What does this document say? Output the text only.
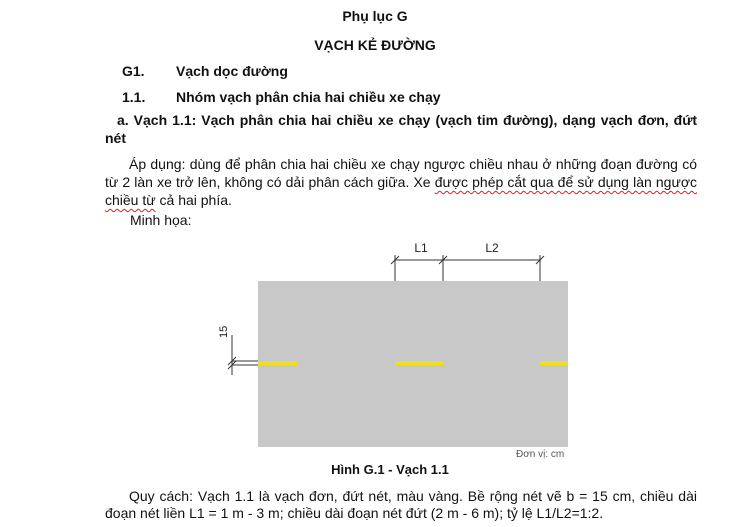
Phụ lục G
VẠCH KẺ ĐƯỜNG
G1. Vạch dọc đường
1.1. Nhóm vạch phân chia hai chiều xe chạy
a. Vạch 1.1: Vạch phân chia hai chiều xe chạy (vạch tim đường), dạng vạch đơn, đứt nét
Áp dụng: dùng để phân chia hai chiều xe chạy ngược chiều nhau ở những đoạn đường có từ 2 làn xe trở lên, không có dải phân cách giữa. Xe được phép cắt qua để sử dụng làn ngược chiều từ cả hai phía.
Minh họa:
L1	L2
15
Đơn vị: cm
Hình G.1 - Vạch 1.1
Quy cách: Vạch 1.1 là vạch đơn, đứt nét, màu vàng. Bề rộng nét vẽ b = 15 cm, chiều dài đoạn nét liền L1 = 1 m - 3 m; chiều dài đoạn nét đứt (2 m - 6 m); tỷ lệ L1/L2=1:2.
